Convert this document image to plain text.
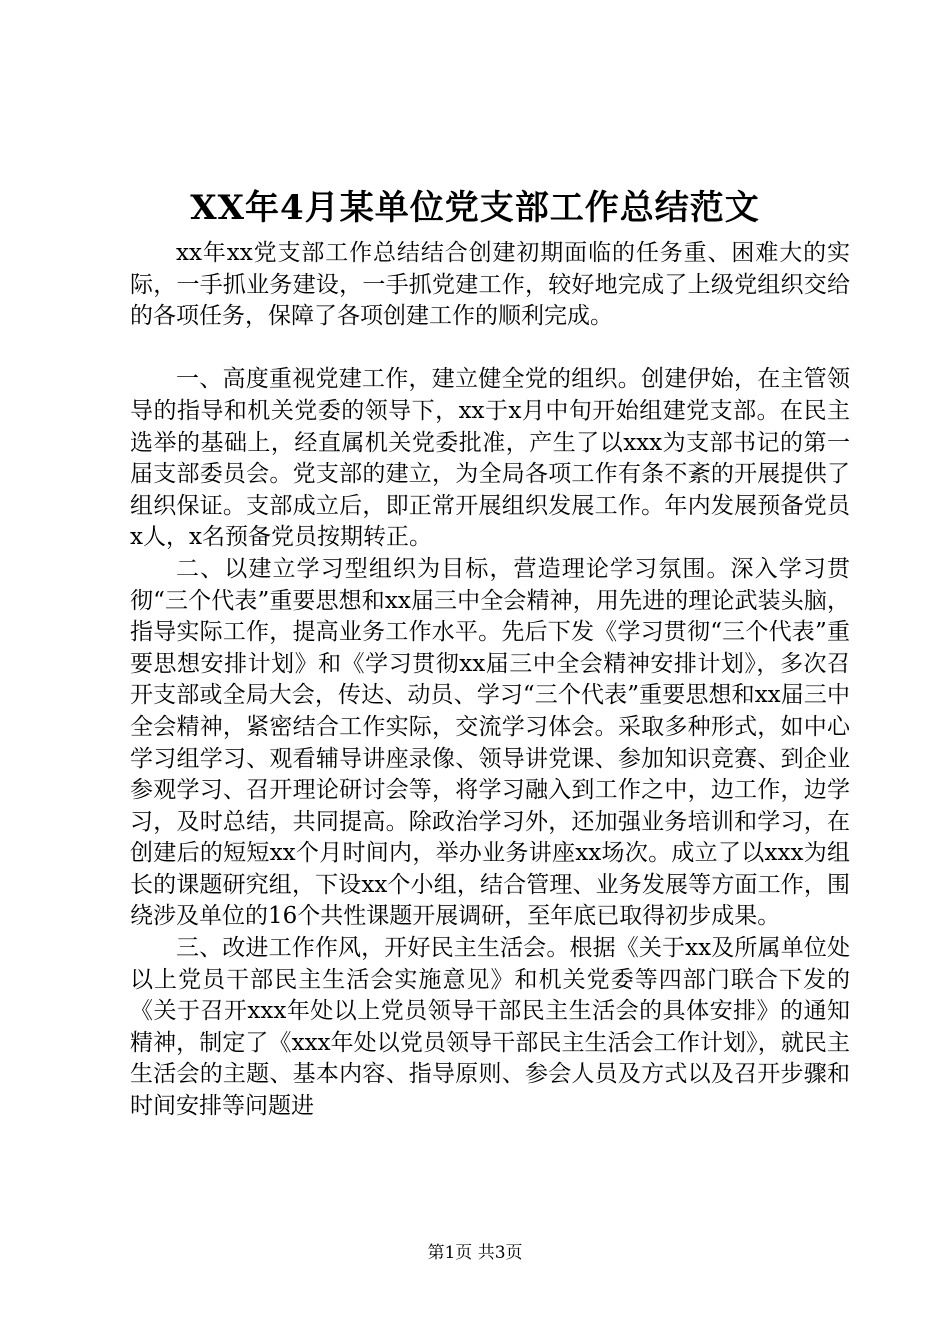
XX年4月某单位党支部工作总结范文

xx年xx党支部工作总结结合创建初期面临的任务重、困难大的实际，一手抓业务建设，一手抓党建工作，较好地完成了上级党组织交给的各项任务，保障了各项创建工作的顺利完成。

一、高度重视党建工作，建立健全党的组织。创建伊始，在主管领导的指导和机关党委的领导下，xx于x月中旬开始组建党支部。在民主选举的基础上，经直属机关党委批准，产生了以xxx为支部书记的第一届支部委员会。党支部的建立，为全局各项工作有条不紊的开展提供了组织保证。支部成立后，即正常开展组织发展工作。年内发展预备党员x人，x名预备党员按期转正。

二、以建立学习型组织为目标，营造理论学习氛围。深入学习贯彻“三个代表”重要思想和xx届三中全会精神，用先进的理论武装头脑，指导实际工作，提高业务工作水平。先后下发《学习贯彻“三个代表”重要思想安排计划》和《学习贯彻xx届三中全会精神安排计划》，多次召开支部或全局大会，传达、动员、学习“三个代表”重要思想和xx届三中全会精神，紧密结合工作实际，交流学习体会。采取多种形式，如中心学习组学习、观看辅导讲座录像、领导讲党课、参加知识竞赛、到企业参观学习、召开理论研讨会等，将学习融入到工作之中，边工作，边学习，及时总结，共同提高。除政治学习外，还加强业务培训和学习，在创建后的短短xx个月时间内，举办业务讲座xx场次。成立了以xxx为组长的课题研究组，下设xx个小组，结合管理、业务发展等方面工作，围绕涉及单位的16个共性课题开展调研，至年底已取得初步成果。

三、改进工作作风，开好民主生活会。根据《关于xx及所属单位处以上党员干部民主生活会实施意见》和机关党委等四部门联合下发的《关于召开xxx年处以上党员领导干部民主生活会的具体安排》的通知精神，制定了《xxx年处以党员领导干部民主生活会工作计划》，就民主生活会的主题、基本内容、指导原则、参会人员及方式以及召开步骤和时间安排等问题进

第1页 共3页
